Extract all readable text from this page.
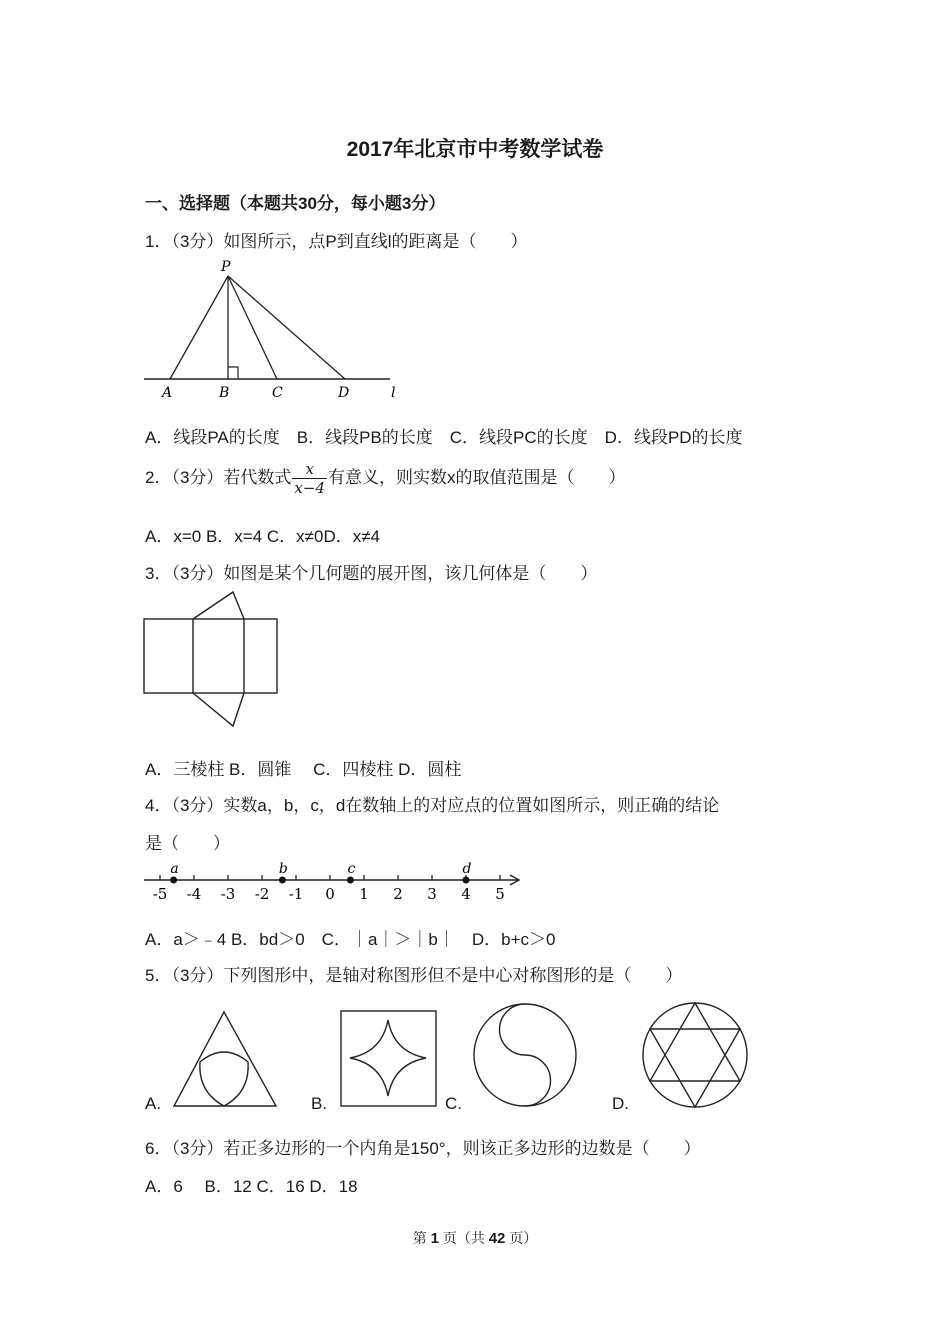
2017年北京市中考数学试卷
一、选择题（本题共30分，每小题3分）
1．（3分）如图所示，点P到直线l的距离是（　　）
P
A	B	C	D	l
A．线段PA的长度　B．线段PB的长度　C．线段PC的长度　D．线段PD的长度
2．（3分）若代数式 $\frac{x}{x-4}$ 有意义，则实数x的取值范围是（　　）
A．x=0 B．x=4 C．x≠0D．x≠4
3．（3分）如图是某个几何题的展开图，该几何体是（　　）
A．三棱柱 B．圆锥　 C．四棱柱 D．圆柱
4．（3分）实数a，b，c，d在数轴上的对应点的位置如图所示，则正确的结论
是（　　）
-5 -4 -3 -2 -1 0 1 2 3 4 5
a	b	c	d
A．a＞﹣4 B．bd＞0　C．｜a｜＞｜b｜　D．b+c＞0
5．（3分）下列图形中，是轴对称图形但不是中心对称图形的是（　　）
A.	B.	C.	D.
6．（3分）若正多边形的一个内角是150°，则该正多边形的边数是（　　）
A．6　 B．12 C．16 D．18
第 1 页（共 42 页）
